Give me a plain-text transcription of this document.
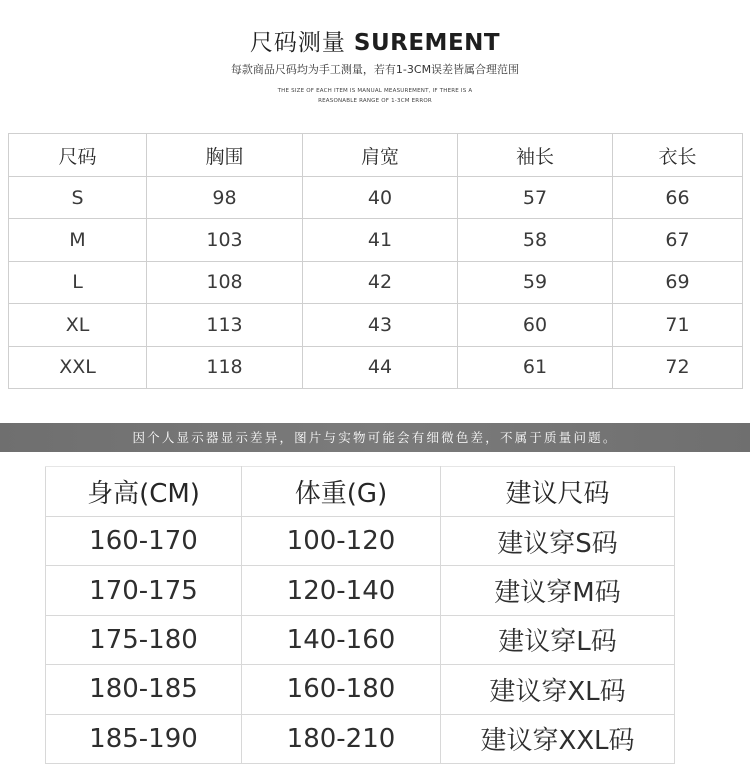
尺码测量 SUREMENT
每款商品尺码均为手工测量，若有1-3CM误差皆属合理范围
THE SIZE OF EACH ITEM IS MANUAL MEASUREMENT, IF THERE IS A
REASONABLE RANGE OF 1-3CM ERROR
尺码	胸围	肩宽	袖长	衣长
S	98	40	57	66
M	103	41	58	67
L	108	42	59	69
XL	113	43	60	71
XXL	118	44	61	72
因个人显示器显示差异，图片与实物可能会有细微色差，不属于质量问题。
身高(CM)	体重(G)	建议尺码
160-170	100-120	建议穿S码
170-175	120-140	建议穿M码
175-180	140-160	建议穿L码
180-185	160-180	建议穿XL码
185-190	180-210	建议穿XXL码
